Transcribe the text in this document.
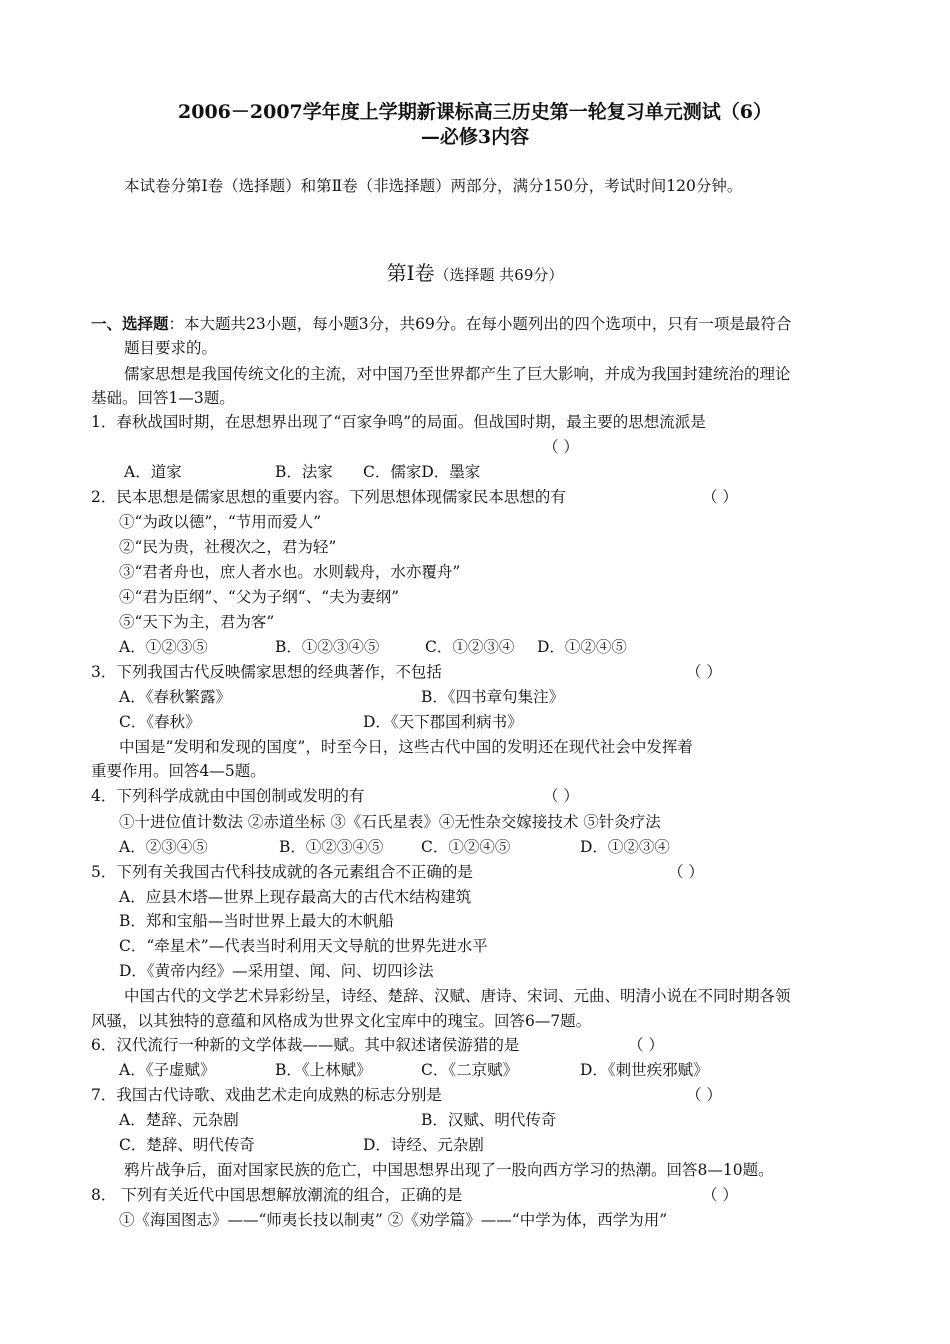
2006－2007学年度上学期新课标高三历史第一轮复习单元测试（6）
—必修3内容
本试卷分第Ⅰ卷（选择题）和第Ⅱ卷（非选择题）两部分，满分150分，考试时间120分钟。
第Ⅰ卷（选择题 共69分）
一、选择题：本大题共23小题，每小题3分，共69分。在每小题列出的四个选项中，只有一项是最符合
题目要求的。
儒家思想是我国传统文化的主流，对中国乃至世界都产生了巨大影响，并成为我国封建统治的理论
基础。回答1—3题。
1．春秋战国时期，在思想界出现了“百家争鸣”的局面。但战国时期，最主要的思想流派是
（ ）
A．道家	B．法家 C．儒家D．墨家
2．民本思想是儒家思想的重要内容。下列思想体现儒家民本思想的有	（ ）
①“为政以德”，“节用而爱人”
②“民为贵，社稷次之，君为轻”
③“君者舟也，庶人者水也。水则载舟，水亦覆舟”
④“君为臣纲”、“父为子纲“、“夫为妻纲”
⑤“天下为主，君为客”
A．①②③⑤	B．①②③④⑤	C．①②③④ D．①②④⑤
3．下列我国古代反映儒家思想的经典著作，不包括	（ ）
A．《春秋繁露》	B．《四书章句集注》
C．《春秋》	D．《天下郡国利病书》
中国是“发明和发现的国度”，时至今日，这些古代中国的发明还在现代社会中发挥着
重要作用。回答4—5题。
4．下列科学成就由中国创制或发明的有	（ ）
①十进位值计数法 ②赤道坐标 ③《石氏星表》④无性杂交嫁接技术 ⑤针灸疗法
A．②③④⑤	B．①②③④⑤ C．①②④⑤	D．①②③④
5．下列有关我国古代科技成就的各元素组合不正确的是	（ ）
A．应县木塔—世界上现存最高大的古代木结构建筑
B．郑和宝船—当时世界上最大的木帆船
C．“牵星术”—代表当时利用天文导航的世界先进水平
D．《黄帝内经》—采用望、闻、问、切四诊法
中国古代的文学艺术异彩纷呈，诗经、楚辞、汉赋、唐诗、宋词、元曲、明清小说在不同时期各领
风骚，以其独特的意蕴和风格成为世界文化宝库中的瑰宝。回答6—7题。
6．汉代流行一种新的文学体裁——赋。其中叙述诸侯游猎的是	（ ）
A．《子虚赋》	B．《上林赋》	C．《二京赋》	D．《刺世疾邪赋》
7．我国古代诗歌、戏曲艺术走向成熟的标志分别是	（ ）
A．楚辞、元杂剧	B．汉赋、明代传奇
C．楚辞、明代传奇	D．诗经、元杂剧
鸦片战争后，面对国家民族的危亡，中国思想界出现了一股向西方学习的热潮。回答8—10题。
8． 下列有关近代中国思想解放潮流的组合，正确的是	（ ）
①《海国图志》——“师夷长技以制夷” ②《劝学篇》——“中学为体，西学为用”
